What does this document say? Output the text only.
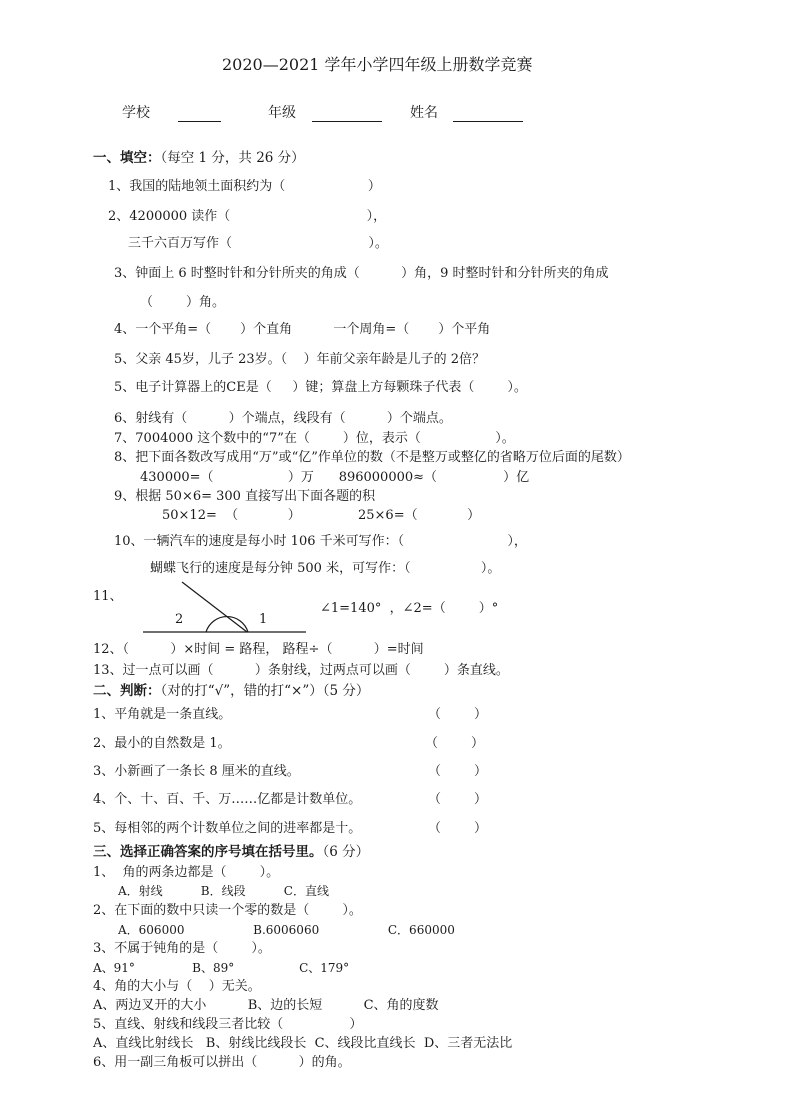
2020—2021 学年小学四年级上册数学竞赛
学校	年级	姓名
一、填空：（每空 1 分，共 26 分）
1、我国的陆地领土面积约为（                    ）
2、4200000 读作（                                 ），
三千六百万写作（                                 ）。
3、钟面上 6 时整时针和分针所夹的角成（          ）角，9 时整时针和分针所夹的角成
（        ）角。
4、一个平角=（       ）个直角          一个周角=（       ）个平角
5、父亲 45岁，儿子 23岁。（    ）年前父亲年龄是儿子的 2倍？
5、电子计算器上的CE是（     ）键；算盘上方每颗珠子代表（        ）。
6、射线有（          ）个端点，线段有（          ）个端点。
7、7004000 这个数中的“7”在（        ）位，表示（                  ）。
8、把下面各数改写成用“万”或“亿”作单位的数（不是整万或整亿的省略万位后面的尾数）
430000=（                  ）万      896000000≈（                ）亿
9、根据 50×6= 300 直接写出下面各题的积
50×12=  （            ）	25×6=（            ）
10、一辆汽车的速度是每小时 106 千米可写作：（                         ），
蝴蝶飞行的速度是每分钟 500 米，可写作：（                 ）。
11、
2	1
∠1=140°  ，∠2=（        ）°
12、（          ）×时间 = 路程， 路程÷（          ）=时间
13、过一点可以画（          ）条射线，过两点可以画（        ）条直线。
二、判断：（对的打“√”，错的打“×”）（5 分）
1、平角就是一条直线。	（        ）
2、最小的自然数是 1。	（        ）
3、小新画了一条长 8 厘米的直线。	（        ）
4、个、十、百、千、万……亿都是计数单位。	（        ）
5、每相邻的两个计数单位之间的进率都是十。	（        ）
三、选择正确答案的序号填在括号里。（6 分）
1、  角的两条边都是（        ）。
A．射线          B．线段          C．直线
2、在下面的数中只读一个零的数是（        ）。
A．606000                  B.6006060                  C．660000
3、不属于钝角的是（        ）。
A、91°               B、89°                 C、179°
4、角的大小与（    ）无关。
A、两边叉开的大小          B、边的长短          C、角的度数
5、直线、射线和线段三者比较（                ）
A、直线比射线长   B、射线比线段长  C、线段比直线长  D、三者无法比
6、用一副三角板可以拼出（          ）的角。
